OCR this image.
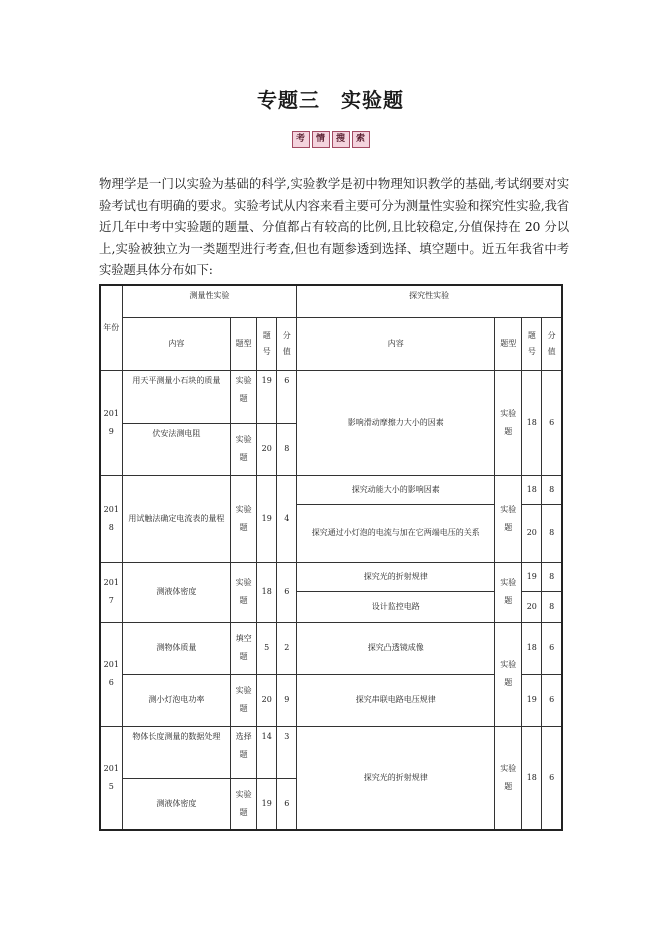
专题三　实验题
考 情 搜 索
物理学是一门以实验为基础的科学,实验教学是初中物理知识教学的基础,考试纲要对实验考试也有明确的要求。实验考试从内容来看主要可分为测量性实验和探究性实验,我省近几年中考中实验题的题量、分值都占有较高的比例,且比较稳定,分值保持在 20 分以上,实验被独立为一类题型进行考查,但也有题参透到选择、填空题中。近五年我省中考实验题具体分布如下:
年份	测量性实验				探究性实验			
	内容	题型	题号	分值	内容	题型	题号	分值
2019	用天平测量小石块的质量	实验题	19	6	影响滑动摩擦力大小的因素	实验题	18	6
	伏安法测电阻	实验题	20	8				
2018	用试触法确定电流表的量程	实验题	19	4	探究动能大小的影响因素	实验题	18	8
					探究通过小灯泡的电流与加在它两端电压的关系		20	8
2017	测液体密度	实验题	18	6	探究光的折射规律	实验题	19	8
					设计监控电路		20	8
2016	测物体质量	填空题	5	2	探究凸透镜成像	实验题	18	6
	测小灯泡电功率	实验题	20	9	探究串联电路电压规律		19	6
2015	物体长度测量的数据处理	选择题	14	3	探究光的折射规律	实验题	18	6
	测液体密度	实验题	19	6				
